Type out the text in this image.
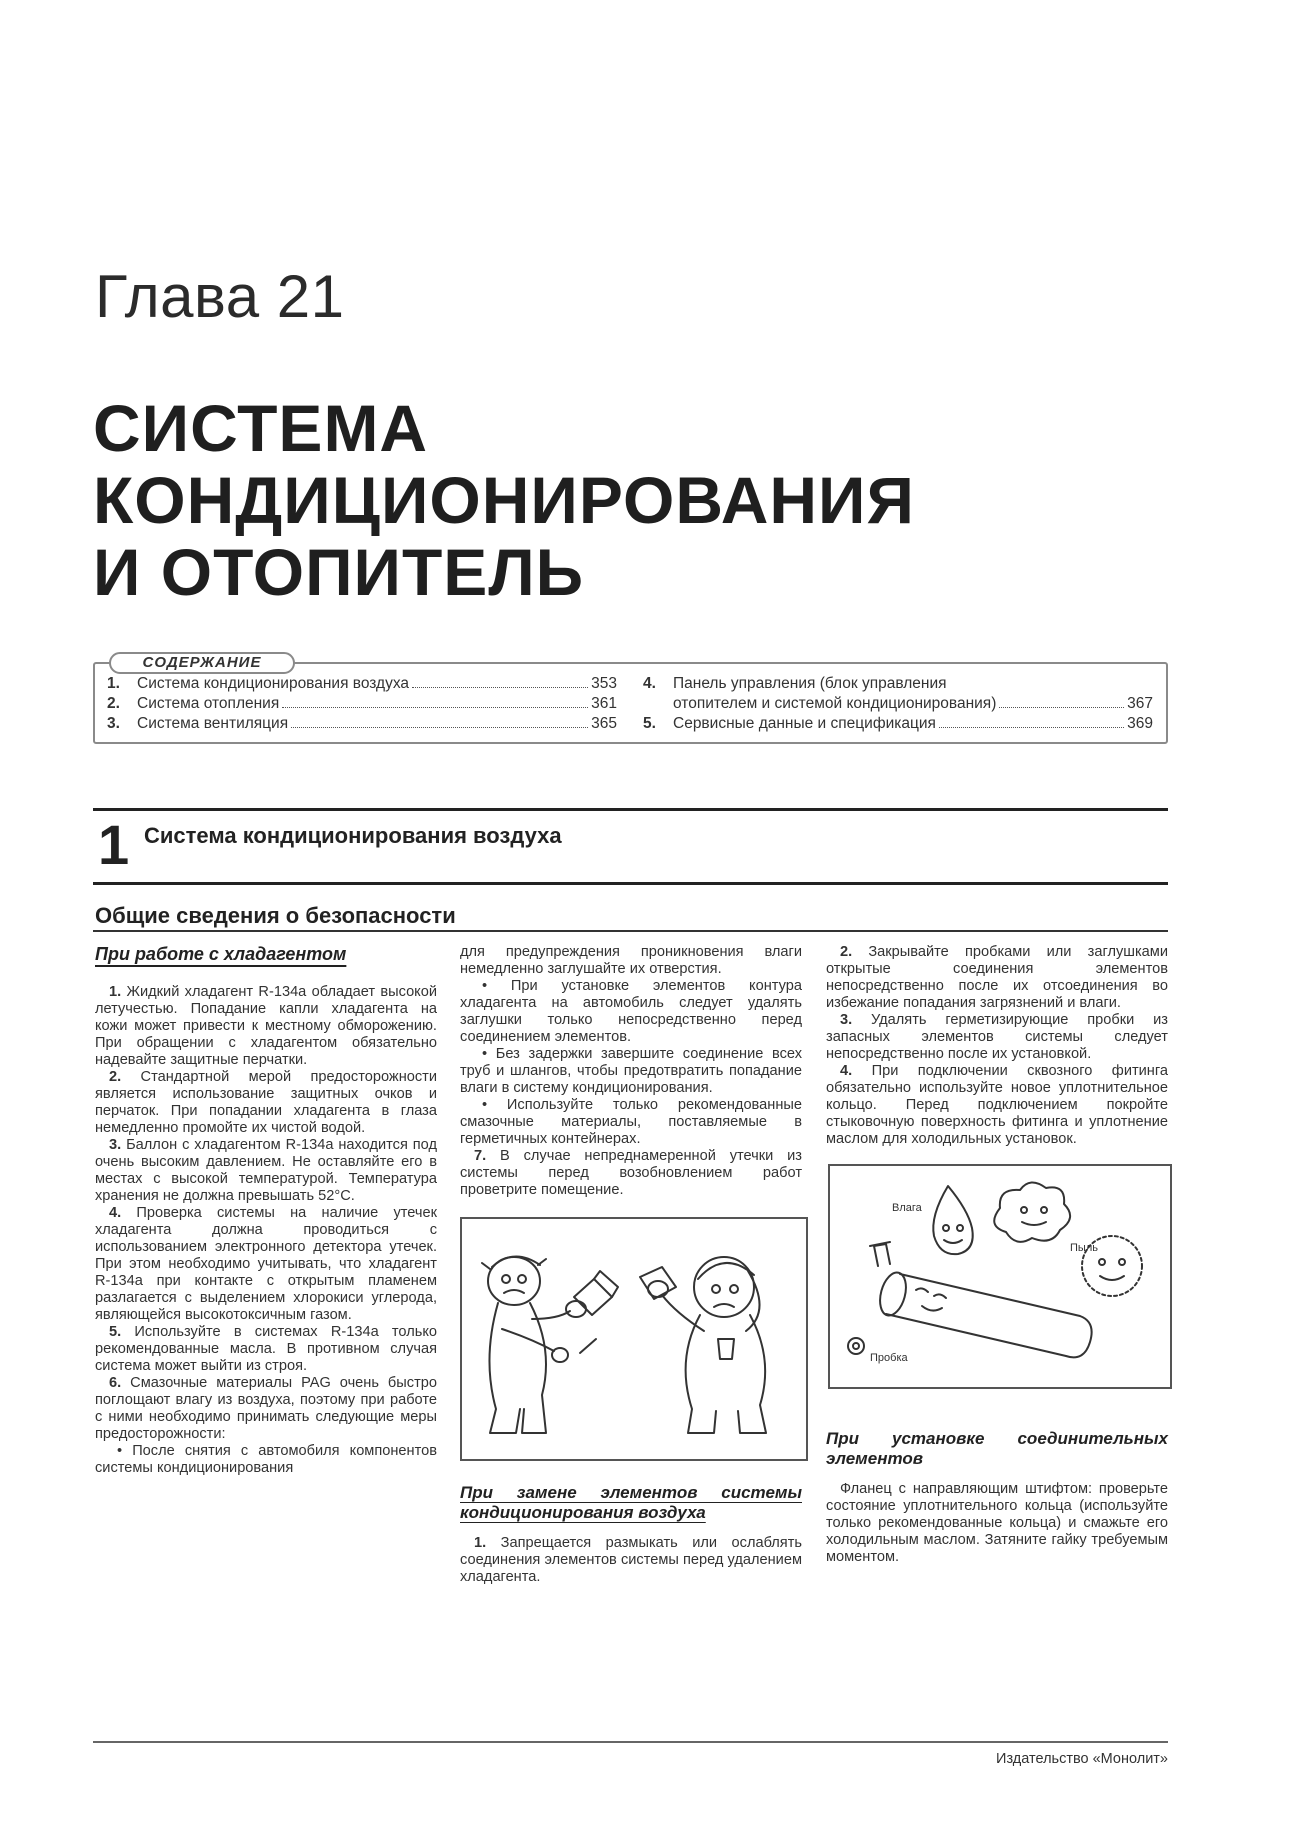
Глава 21
СИСТЕМА
КОНДИЦИОНИРОВАНИЯ
И ОТОПИТЕЛЬ
СОДЕРЖАНИЕ
1.	Система кондиционирования воздуха	353
2.	Система отопления	361
3.	Система вентиляция	365
4.	Панель управления (блок управления
отопителем и системой кондиционирования)	367
5.	Сервисные данные и спецификация	369
1 Система кондиционирования воздуха
Общие сведения о безопасности
При работе с хладагентом

1. Жидкий хладагент R-134a обладает высокой летучестью. Попадание капли хладагента на кожи может привести к местному обморожению. При обращении с хладагентом обязательно надевайте защитные перчатки.

2. Стандартной мерой предосторожности является использование защитных очков и перчаток. При попадании хладагента в глаза немедленно промойте их чистой водой.

3. Баллон с хладагентом R-134a находится под очень высоким давлением. Не оставляйте его в местах с высокой температурой. Температура хранения не должна превышать 52°С.

4. Проверка системы на наличие утечек хладагента должна проводиться с использованием электронного детектора утечек. При этом необходимо учитывать, что хладагент R-134a при контакте с открытым пламенем разлагается с выделением хлорокиси углерода, являющейся высокотоксичным газом.

5. Используйте в системах R-134a только рекомендованные масла. В противном случая система может выйти из строя.

6. Смазочные материалы PAG очень быстро поглощают влагу из воздуха, поэтому при работе с ними необходимо принимать следующие меры предосторожности:

• После снятия с автомобиля компонентов системы кондиционирования

для предупреждения проникновения влаги немедленно заглушайте их отверстия.

• При установке элементов контура хладагента на автомобиль следует удалять заглушки только непосредственно перед соединением элементов.

• Без задержки завершите соединение всех труб и шлангов, чтобы предотвратить попадание влаги в систему кондиционирования.

• Используйте только рекомендованные смазочные материалы, поставляемые в герметичных контейнерах.

7. В случае непреднамеренной утечки из системы перед возобновлением работ проветрите помещение.

При замене элементов системы кондиционирования воздуха

1. Запрещается размыкать или ослаблять соединения элементов системы перед удалением хладагента.

2. Закрывайте пробками или заглушками открытые соединения элементов непосредственно после их отсоединения во избежание попадания загрязнений и влаги.

3. Удалять герметизирующие пробки из запасных элементов системы следует непосредственно после их установкой.

4. При подключении сквозного фитинга обязательно используйте новое уплотнительное кольцо. Перед подключением покройте стыковочную поверхность фитинга и уплотнение маслом для холодильных установок.

Влага
Пыль
Пробка
При установке соединительных элементов

Фланец с направляющим штифтом: проверьте состояние уплотнительного кольца (используйте только рекомендованные кольца) и смажьте его холодильным маслом. Затяните гайку требуемым моментом.

Издательство «Монолит»
